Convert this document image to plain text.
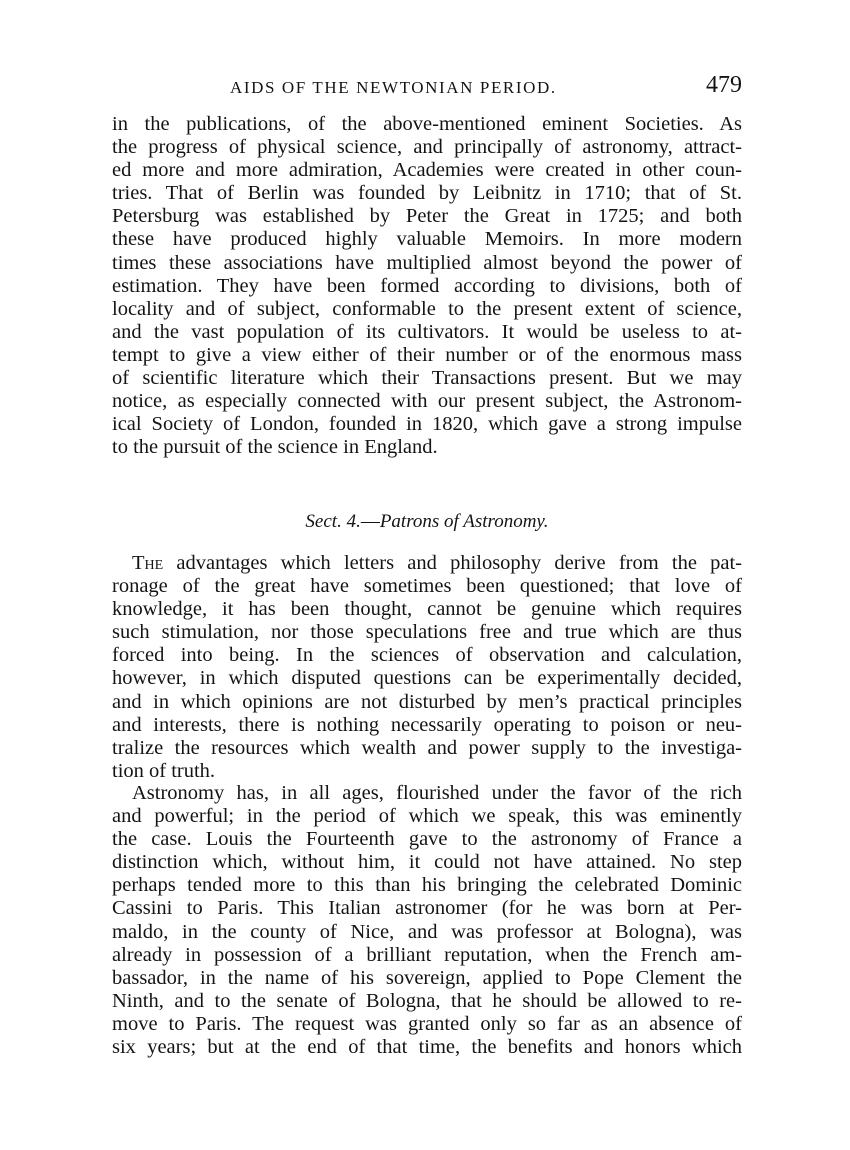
AIDS OF THE NEWTONIAN PERIOD.	479
in the publications, of the above-mentioned eminent Societies. As
the progress of physical science, and principally of astronomy, attract-
ed more and more admiration, Academies were created in other coun-
tries. That of Berlin was founded by Leibnitz in 1710; that of St.
Petersburg was established by Peter the Great in 1725; and both
these have produced highly valuable Memoirs. In more modern
times these associations have multiplied almost beyond the power of
estimation. They have been formed according to divisions, both of
locality and of subject, conformable to the present extent of science,
and the vast population of its cultivators. It would be useless to at-
tempt to give a view either of their number or of the enormous mass
of scientific literature which their Transactions present. But we may
notice, as especially connected with our present subject, the Astronom-
ical Society of London, founded in 1820, which gave a strong impulse
to the pursuit of the science in England.
Sect. 4.—Patrons of Astronomy.
The advantages which letters and philosophy derive from the pat-
ronage of the great have sometimes been questioned; that love of
knowledge, it has been thought, cannot be genuine which requires
such stimulation, nor those speculations free and true which are thus
forced into being. In the sciences of observation and calculation,
however, in which disputed questions can be experimentally decided,
and in which opinions are not disturbed by men’s practical principles
and interests, there is nothing necessarily operating to poison or neu-
tralize the resources which wealth and power supply to the investiga-
tion of truth.
Astronomy has, in all ages, flourished under the favor of the rich
and powerful; in the period of which we speak, this was eminently
the case. Louis the Fourteenth gave to the astronomy of France a
distinction which, without him, it could not have attained. No step
perhaps tended more to this than his bringing the celebrated Dominic
Cassini to Paris. This Italian astronomer (for he was born at Per-
maldo, in the county of Nice, and was professor at Bologna), was
already in possession of a brilliant reputation, when the French am-
bassador, in the name of his sovereign, applied to Pope Clement the
Ninth, and to the senate of Bologna, that he should be allowed to re-
move to Paris. The request was granted only so far as an absence of
six years; but at the end of that time, the benefits and honors which
